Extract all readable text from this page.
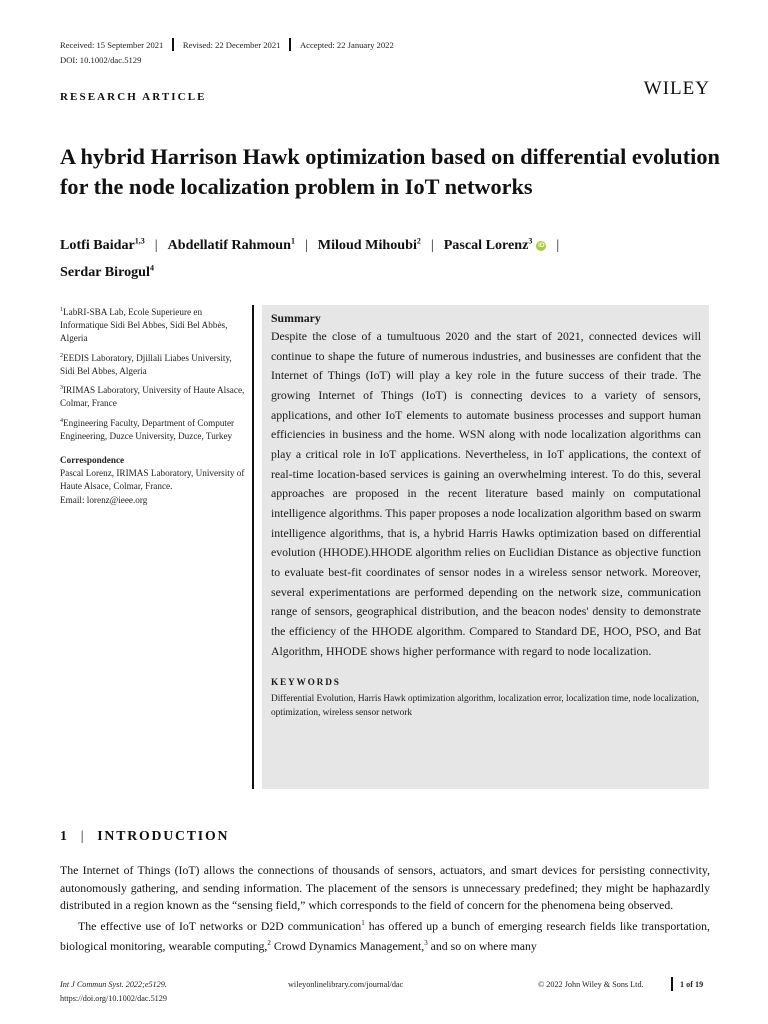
Received: 15 September 2021 Revised: 22 December 2021 Accepted: 22 January 2022
DOI: 10.1002/dac.5129
RESEARCH ARTICLE	WILEY
A hybrid Harrison Hawk optimization based on differential evolution for the node localization problem in IoT networks
Lotfi Baidar$^{1,3}$ | Abdellatif Rahmoun$^1$ | Miloud Mihoubi$^2$ | Pascal Lorenz$^3$iD |
Serdar Birogul$^4$

$^1$LabRI-SBA Lab, Ecole Superieure en Informatique Sidi Bel Abbes, Sidi Bel Abbès, Algeria

$^2$EEDIS Laboratory, Djillali Liabes University, Sidi Bel Abbes, Algeria

$^3$IRIMAS Laboratory, University of Haute Alsace, Colmar, France

$^4$Engineering Faculty, Department of Computer Engineering, Duzce University, Duzce, Turkey

Correspondence
Pascal Lorenz, IRIMAS Laboratory, University of Haute Alsace, Colmar, France.
Email: lorenz@ieee.org
Summary
Despite the close of a tumultuous 2020 and the start of 2021, connected devices will continue to shape the future of numerous industries, and businesses are confident that the Internet of Things (IoT) will play a key role in the future success of their trade. The growing Internet of Things (IoT) is connecting devices to a variety of sensors, applications, and other IoT elements to automate business processes and support human efficiencies in business and the home. WSN along with node localization algorithms can play a critical role in IoT applications. Nevertheless, in IoT applications, the context of real-time location-based services is gaining an overwhelming interest. To do this, several approaches are proposed in the recent literature based mainly on computational intelligence algorithms. This paper proposes a node localization algorithm based on swarm intelligence algorithms, that is, a hybrid Harris Hawks optimization based on differential evolution (HHODE).HHODE algorithm relies on Euclidian Distance as objective function to evaluate best-fit coordinates of sensor nodes in a wireless sensor network. Moreover, several experimentations are performed depending on the network size, communication range of sensors, geographical distribution, and the beacon nodes' density to demonstrate the efficiency of the HHODE algorithm. Compared to Standard DE, HOO, PSO, and Bat Algorithm, HHODE shows higher performance with regard to node localization.
KEYWORDS
Differential Evolution, Harris Hawk optimization algorithm, localization error, localization time, node localization, optimization, wireless sensor network
1 | INTRODUCTION

The Internet of Things (IoT) allows the connections of thousands of sensors, actuators, and smart devices for persisting connectivity, autonomously gathering, and sending information. The placement of the sensors is unnecessary predefined; they might be haphazardly distributed in a region known as the “sensing field,” which corresponds to the field of concern for the phenomena being observed.

The effective use of IoT networks or D2D communication$^1$ has offered up a bunch of emerging research fields like transportation, biological monitoring, wearable computing,$^2$ Crowd Dynamics Management,$^3$ and so on where many

Int J Commun Syst. 2022;e5129.
https://doi.org/10.1002/dac.5129
wileyonlinelibrary.com/journal/dac	© 2022 John Wiley & Sons Ltd.	1 of 19
